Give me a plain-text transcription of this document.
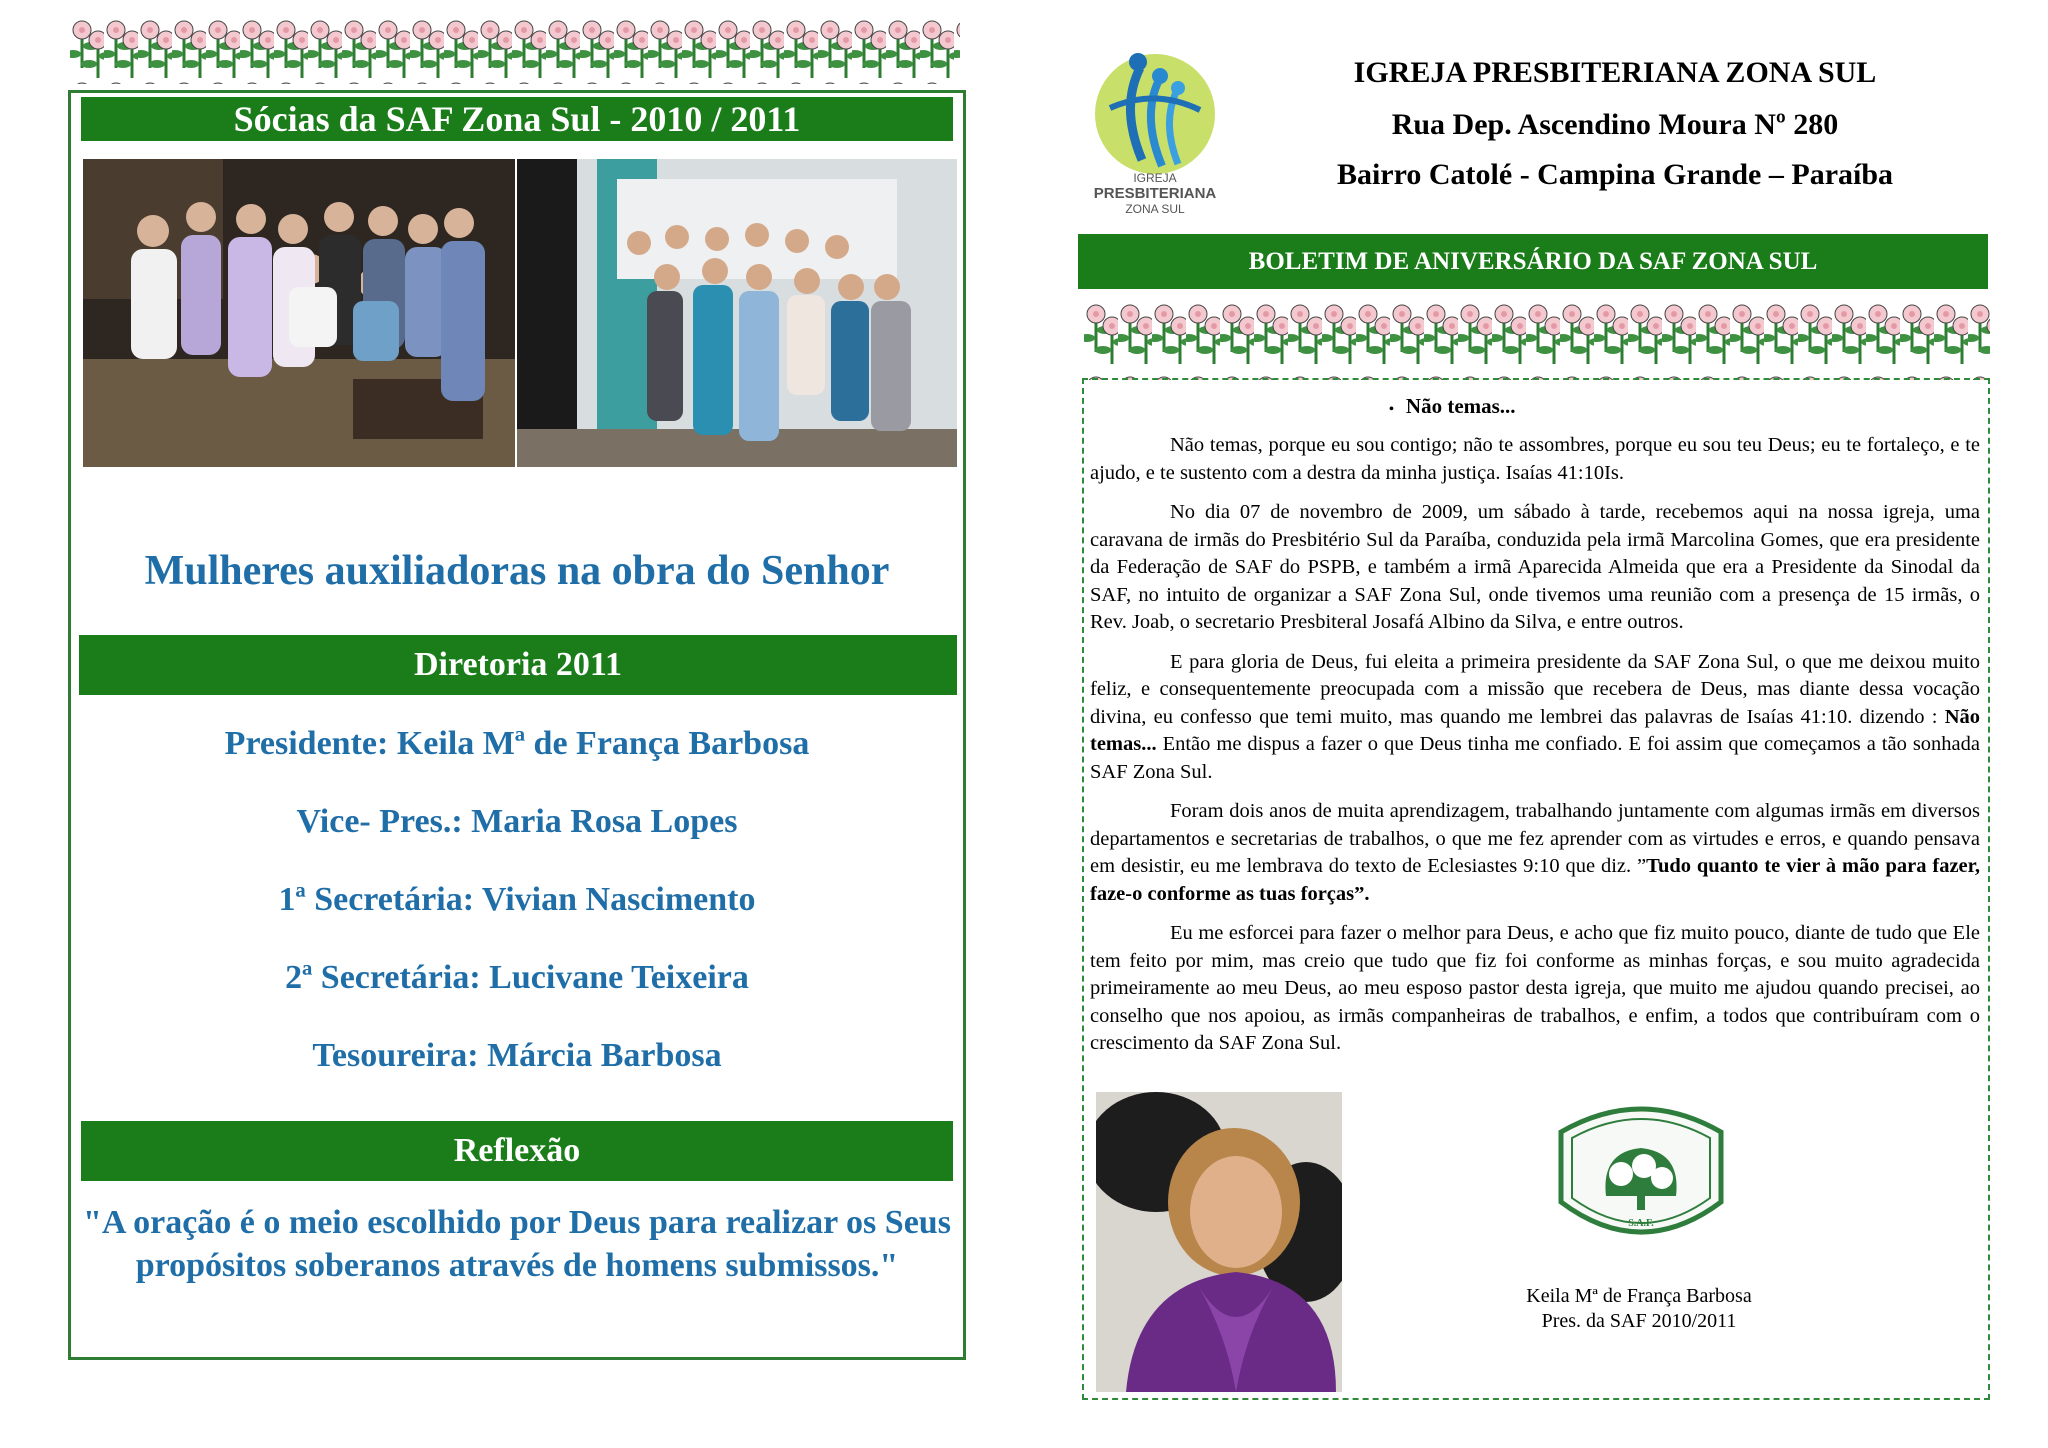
Sócias da SAF Zona Sul - 2010 / 2011
Mulheres auxiliadoras na obra do Senhor
Diretoria 2011
Presidente: Keila Mª de França Barbosa
Vice- Pres.: Maria Rosa Lopes
1ª Secretária: Vivian Nascimento
2ª Secretária: Lucivane Teixeira
Tesoureira: Márcia Barbosa
Reflexão
"A oração é o meio escolhido por Deus para realizar os Seus propósitos soberanos através de homens submissos."
IGREJA
PRESBITERIANA
ZONA SUL
IGREJA PRESBITERIANA ZONA SUL
Rua Dep. Ascendino Moura Nº 280
Bairro Catolé - Campina Grande – Paraíba
BOLETIM DE ANIVERSÁRIO DA SAF ZONA SUL
• Não temas...

Não temas, porque eu sou contigo; não te assombres, porque eu sou teu Deus; eu te fortaleço, e te ajudo, e te sustento com a destra da minha justiça. Isaías 41:10Is.

No dia 07 de novembro de 2009, um sábado à tarde, recebemos aqui na nossa igreja, uma caravana de irmãs do Presbitério Sul da Paraíba, conduzida pela irmã Marcolina Gomes, que era presidente da Federação de SAF do PSPB, e também a irmã Aparecida Almeida que era a Presidente da Sinodal da SAF, no intuito de organizar a SAF Zona Sul, onde tivemos uma reunião com a presença de 15 irmãs, o Rev. Joab, o secretario Presbiteral Josafá Albino da Silva, e entre outros.

E para gloria de Deus, fui eleita a primeira presidente da SAF Zona Sul, o que me deixou muito feliz, e consequentemente preocupada com a missão que recebera de Deus, mas diante dessa vocação divina, eu confesso que temi muito, mas quando me lembrei das palavras de Isaías 41:10. dizendo : Não temas... Então me dispus a fazer o que Deus tinha me confiado. E foi assim que começamos a tão sonhada SAF Zona Sul.

Foram dois anos de muita aprendizagem, trabalhando juntamente com algumas irmãs em diversos departamentos e secretarias de trabalhos, o que me fez aprender com as virtudes e erros, e quando pensava em desistir, eu me lembrava do texto de Eclesiastes 9:10 que diz. ”Tudo quanto te vier à mão para fazer, faze-o conforme as tuas forças”.

Eu me esforcei para fazer o melhor para Deus, e acho que fiz muito pouco, diante de tudo que Ele tem feito por mim, mas creio que tudo que fiz foi conforme as minhas forças, e sou muito agradecida primeiramente ao meu Deus, ao meu esposo pastor desta igreja, que muito me ajudou quando precisei, ao conselho que nos apoiou, as irmãs companheiras de trabalhos, e enfim, a todos que contribuíram com o crescimento da SAF Zona Sul.

S.A.F.
Keila Mª de França Barbosa
Pres. da SAF 2010/2011
